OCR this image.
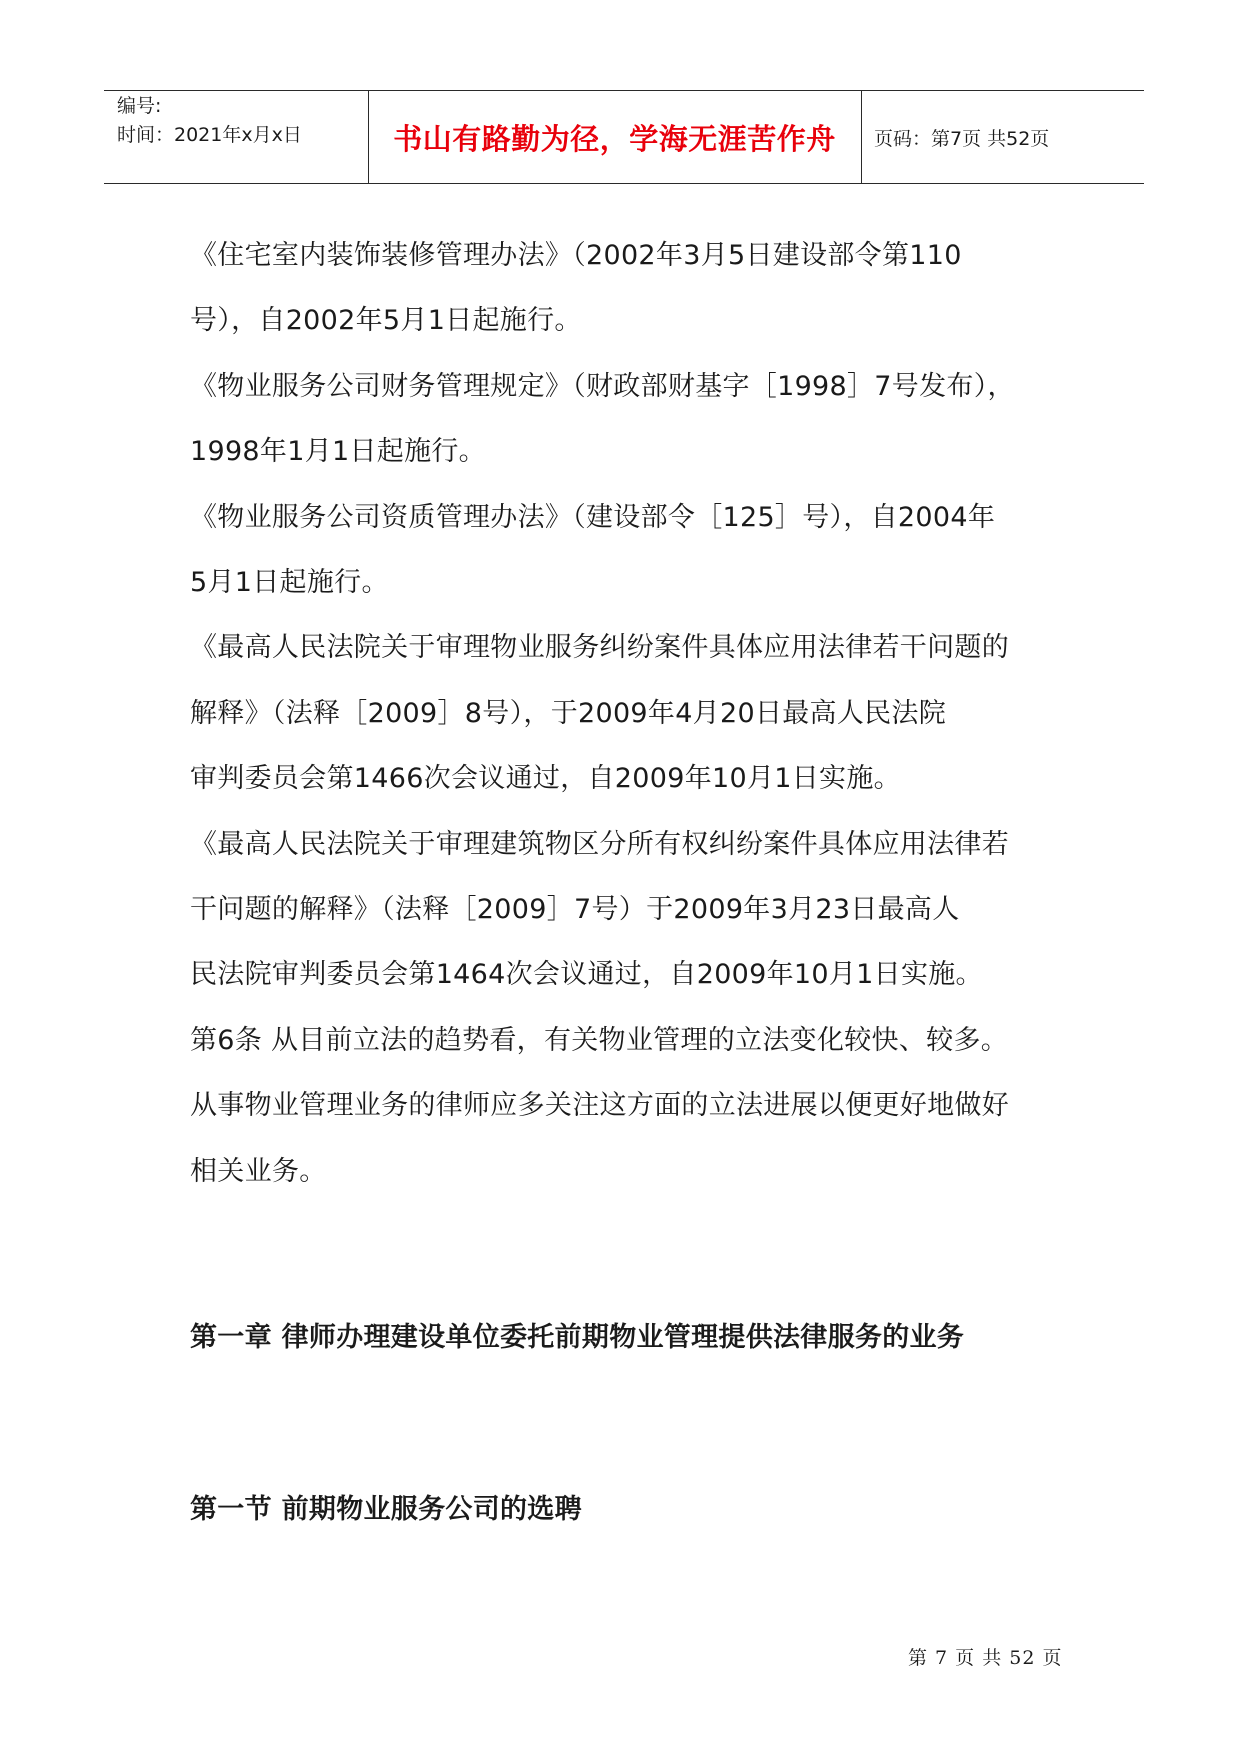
编号:
时间：2021年x月x日	书山有路勤为径，学海无涯苦作舟	页码：第7页 共52页

《住宅室内装饰装修管理办法》（2002年3月5日建设部令第110

号），自2002年5月1日起施行。

《物业服务公司财务管理规定》（财政部财基字［1998］7号发布），

1998年1月1日起施行。

《物业服务公司资质管理办法》（建设部令［125］号），自2004年

5月1日起施行。

《最高人民法院关于审理物业服务纠纷案件具体应用法律若干问题的

解释》（法释［2009］8号），于2009年4月20日最高人民法院

审判委员会第1466次会议通过，自2009年10月1日实施。

《最高人民法院关于审理建筑物区分所有权纠纷案件具体应用法律若

干问题的解释》（法释［2009］7号）于2009年3月23日最高人

民法院审判委员会第1464次会议通过，自2009年10月1日实施。

第6条 从目前立法的趋势看，有关物业管理的立法变化较快、较多。

从事物业管理业务的律师应多关注这方面的立法进展以便更好地做好

相关业务。

第一章 律师办理建设单位委托前期物业管理提供法律服务的业务
第一节 前期物业服务公司的选聘
第 7 页 共 52 页
